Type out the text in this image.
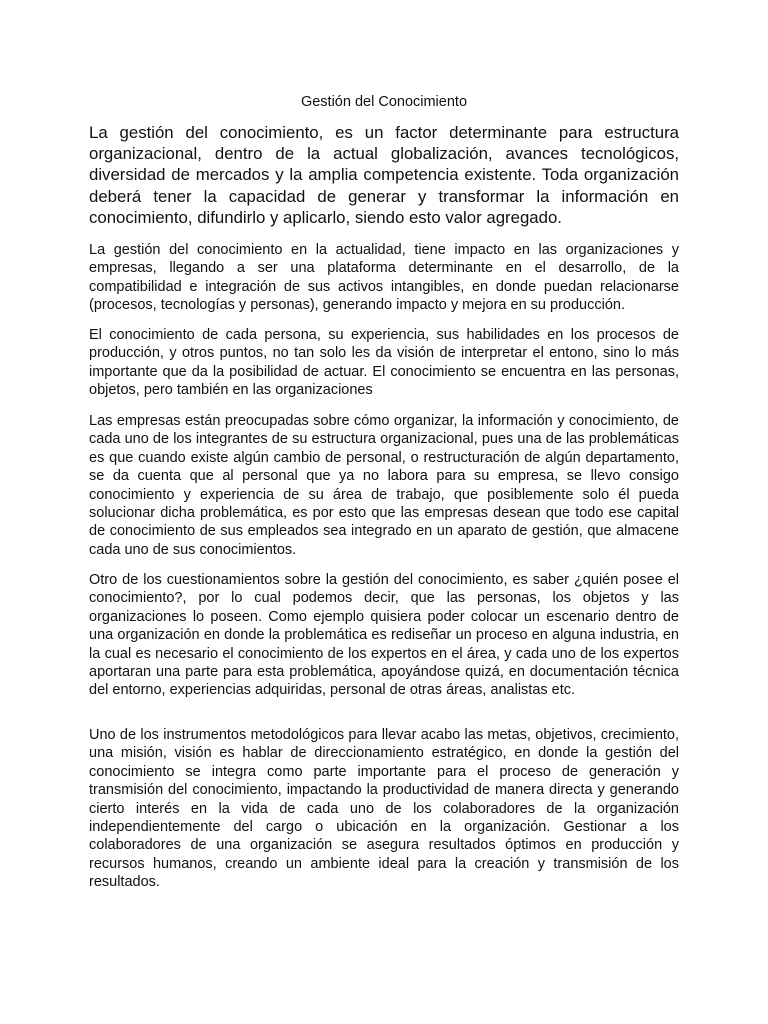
Gestión del Conocimiento

La gestión del conocimiento, es un factor determinante para estructura organizacional, dentro de la actual globalización, avances tecnológicos, diversidad de mercados y la amplia competencia existente. Toda organización deberá tener la capacidad de generar y transformar la información en conocimiento, difundirlo y aplicarlo, siendo esto valor agregado.

La gestión del conocimiento en la actualidad, tiene impacto en las organizaciones y empresas, llegando a ser una plataforma determinante en el desarrollo, de la compatibilidad e integración de sus activos intangibles, en donde puedan relacionarse (procesos, tecnologías y personas), generando impacto y mejora en su producción.

El conocimiento de cada persona, su experiencia, sus habilidades en los procesos de producción, y otros puntos, no tan solo les da visión de interpretar el entono, sino lo más importante que da la posibilidad de actuar. El conocimiento se encuentra en las personas, objetos, pero también en las organizaciones

Las empresas están preocupadas sobre cómo organizar, la información y conocimiento, de cada uno de los integrantes de su estructura organizacional, pues una de las problemáticas es que cuando existe algún cambio de personal, o restructuración de algún departamento, se da cuenta que al personal que ya no labora para su empresa, se llevo consigo conocimiento y experiencia de su área de trabajo, que posiblemente solo él pueda solucionar dicha problemática, es por esto que las empresas desean que todo ese capital de conocimiento de sus empleados sea integrado en un aparato de gestión, que almacene cada uno de sus conocimientos.

Otro de los cuestionamientos sobre la gestión del conocimiento, es saber ¿quién posee el conocimiento?, por lo cual podemos decir, que las personas, los objetos y las organizaciones lo poseen. Como ejemplo quisiera poder colocar un escenario dentro de una organización en donde la problemática es rediseñar un proceso en alguna industria, en la cual es necesario el conocimiento de los expertos en el área, y cada uno de los expertos aportaran una parte para esta problemática, apoyándose quizá, en documentación técnica del entorno, experiencias adquiridas, personal de otras áreas, analistas etc.

Uno de los instrumentos metodológicos para llevar acabo las metas, objetivos, crecimiento, una misión, visión es hablar de direccionamiento estratégico, en donde la gestión del conocimiento se integra como parte importante para el proceso de generación y transmisión del conocimiento, impactando la productividad de manera directa y generando cierto interés en la vida de cada uno de los colaboradores de la organización independientemente del cargo o ubicación en la organización. Gestionar a los colaboradores de una organización se asegura resultados óptimos en producción y recursos humanos, creando un ambiente ideal para la creación y transmisión de los resultados.
